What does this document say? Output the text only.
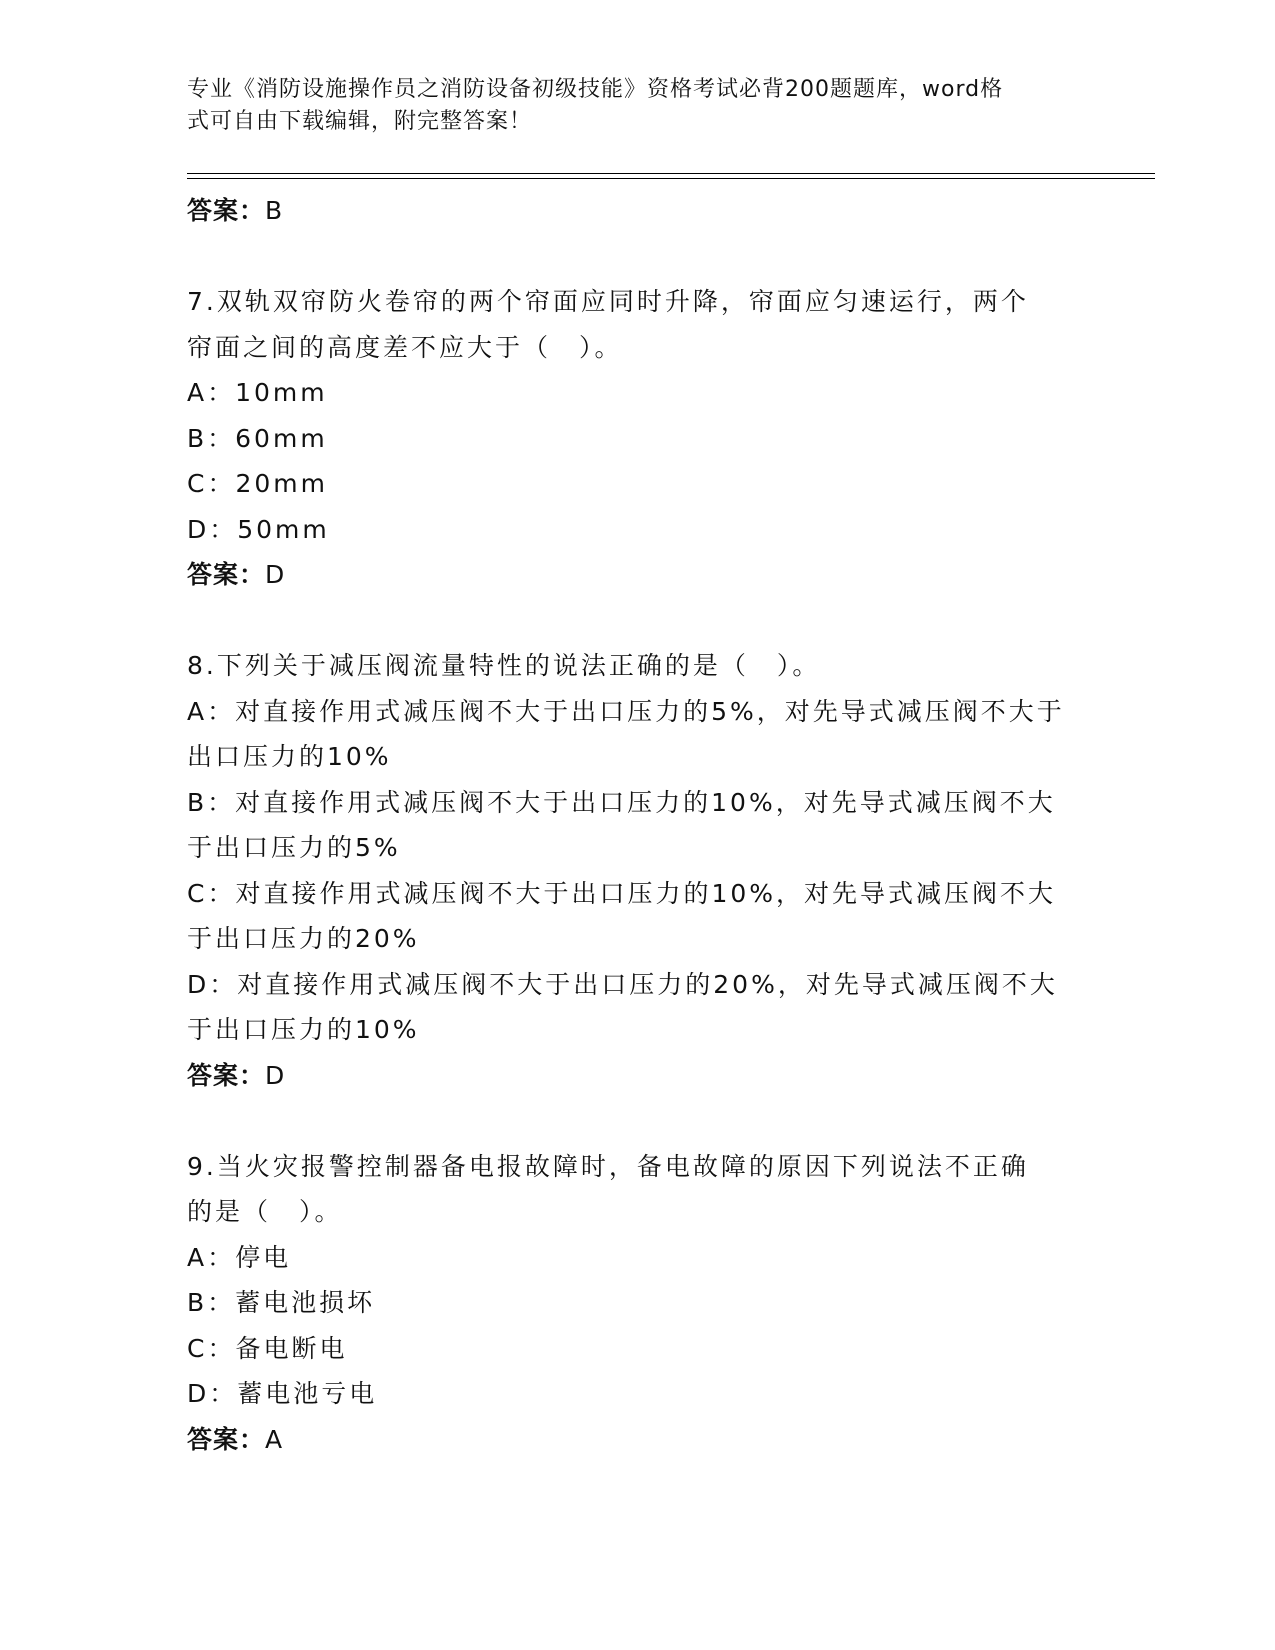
专业《消防设施操作员之消防设备初级技能》资格考试必背200题题库，word格
式可自由下载编辑，附完整答案！
答案：B
7.双轨双帘防火卷帘的两个帘面应同时升降，帘面应匀速运行，两个
帘面之间的高度差不应大于（　）。
A：10mm
B：60mm
C：20mm
D：50mm
答案：D
8.下列关于减压阀流量特性的说法正确的是（　）。
A：对直接作用式减压阀不大于出口压力的5%，对先导式减压阀不大于
出口压力的10%
B：对直接作用式减压阀不大于出口压力的10%，对先导式减压阀不大
于出口压力的5%
C：对直接作用式减压阀不大于出口压力的10%，对先导式减压阀不大
于出口压力的20%
D：对直接作用式减压阀不大于出口压力的20%，对先导式减压阀不大
于出口压力的10%
答案：D
9.当火灾报警控制器备电报故障时，备电故障的原因下列说法不正确
的是（　）。
A：停电
B：蓄电池损坏
C：备电断电
D：蓄电池亏电
答案：A
